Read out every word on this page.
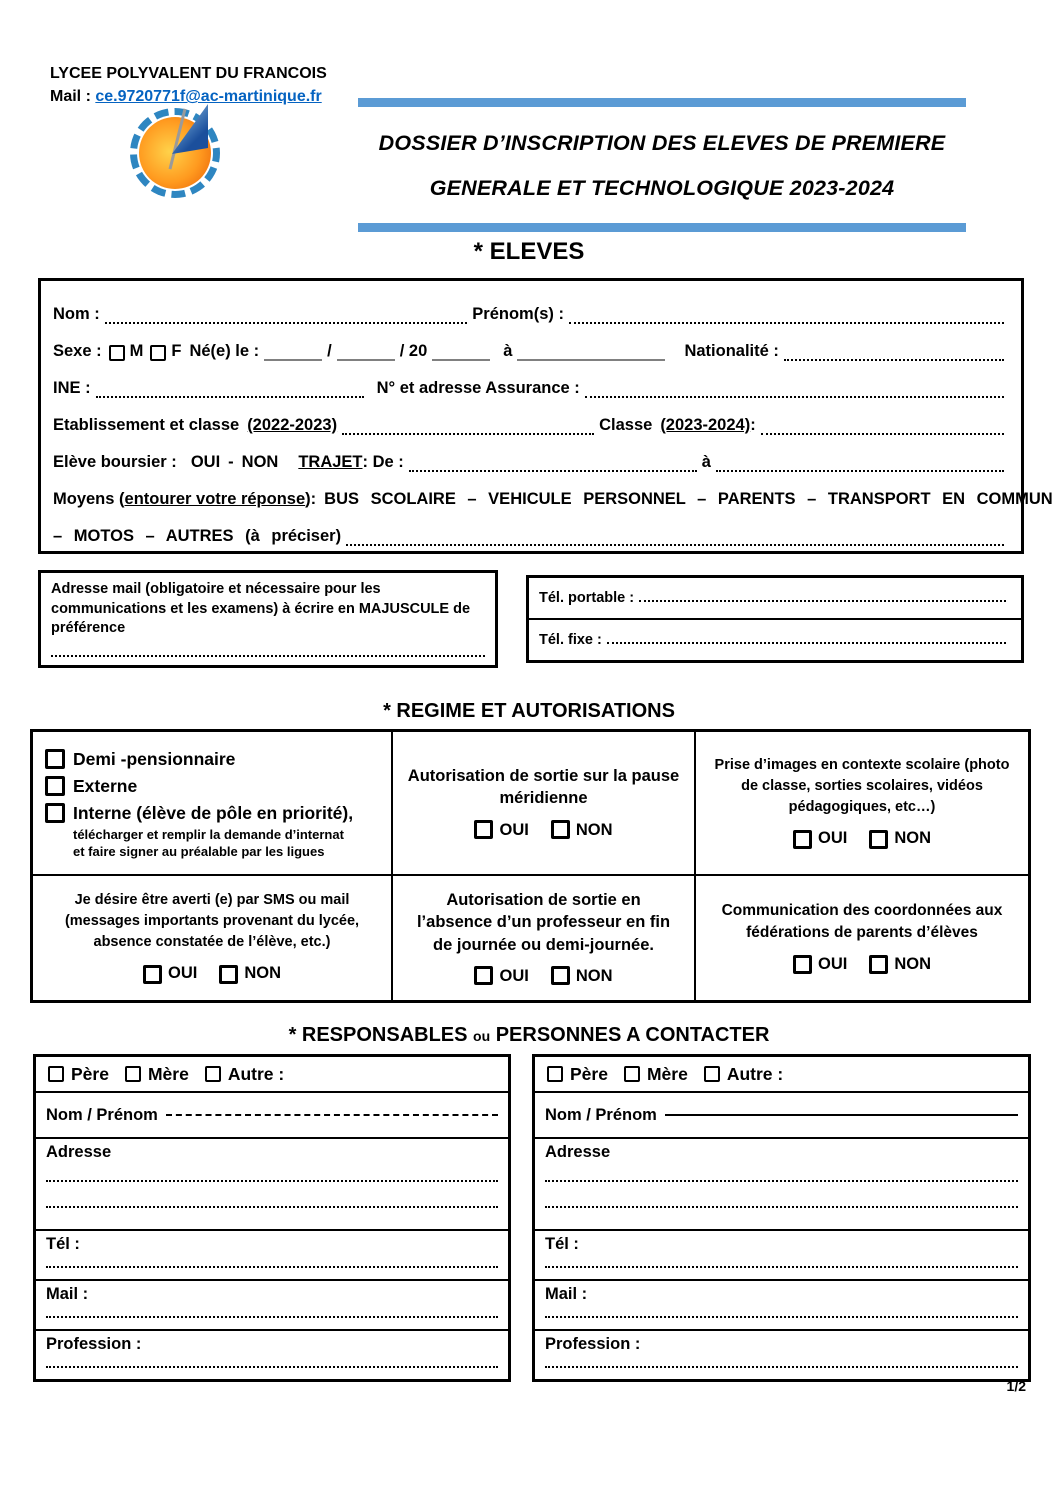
LYCEE POLYVALENT DU FRANCOIS
Mail : ce.9720771f@ac-martinique.fr
DOSSIER D’INSCRIPTION DES ELEVES DE PREMIERE
GENERALE ET TECHNOLOGIQUE 2023-2024
* ELEVES
Nom :	Prénom(s) :
Sexe : M F Né(e) le :	/	/ 20	à	Nationalité :
INE :	N° et adresse Assurance :
Etablissement et classe (2022-2023)	Classe (2023-2024) :
Elève boursier : OUI - NON TRAJET : De :	à
Moyens ( entourer votre réponse ): BUS SCOLAIRE – VEHICULE PERSONNEL – PARENTS – TRANSPORT EN COMMUN
– MOTOS – AUTRES (à préciser)
Adresse mail (obligatoire et nécessaire pour les communications et les examens) à écrire en MAJUSCULE de préférence
Tél. portable :
Tél. fixe :
* REGIME ET AUTORISATIONS
Demi -pensionnaire
Externe
Interne (élève de pôle en priorité),
télécharger et remplir la demande d’internat
et faire signer au préalable par les ligues
Autorisation de sortie sur la pause méridienne
OUI	NON
Prise d’images en contexte scolaire (photo de classe, sorties scolaires, vidéos pédagogiques, etc…)
OUI	NON
Je désire être averti (e) par SMS ou mail (messages importants provenant du lycée, absence constatée de l’élève, etc.)
OUI	NON
Autorisation de sortie en l’absence d’un professeur en fin de journée ou demi-journée.
OUI	NON
Communication des coordonnées aux fédérations de parents d’élèves
OUI	NON
* RESPONSABLES ou PERSONNES A CONTACTER
Père Mère Autre :
Nom / Prénom
Adresse
Tél :
Mail :
Profession :
Père Mère Autre :
Nom / Prénom
Adresse
Tél :
Mail :
Profession :
1/2
